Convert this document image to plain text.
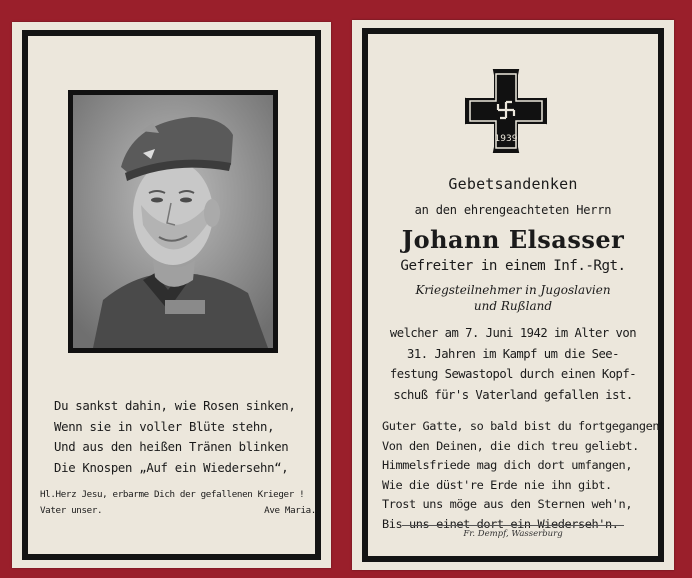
Du sankst dahin, wie Rosen sinken,
Wenn sie in voller Blüte stehn,
Und aus den heißen Tränen blinken
Die Knospen „Auf ein Wiedersehn“,
Hl.Herz Jesu, erbarme Dich der gefallenen Krieger !
Vater unser.	Ave Maria.
1939
Gebetsandenken
an den ehrengeachteten Herrn
Johann Elsasser
Gefreiter in einem Inf.-Rgt.
Kriegsteilnehmer in Jugoslavien
und Rußland
welcher am 7. Juni 1942 im Alter von
31. Jahren im Kampf um die See-
festung Sewastopol durch einen Kopf-
schuß für's Vaterland gefallen ist.
Guter Gatte, so bald bist du fortgegangen
Von den Deinen, die dich treu geliebt.
Himmelsfriede mag dich dort umfangen,
Wie die düst're Erde nie ihn gibt.
Trost uns möge aus den Sternen weh'n,
Bis uns einet dort ein Wiederseh'n.
Fr. Dempf, Wasserburg
